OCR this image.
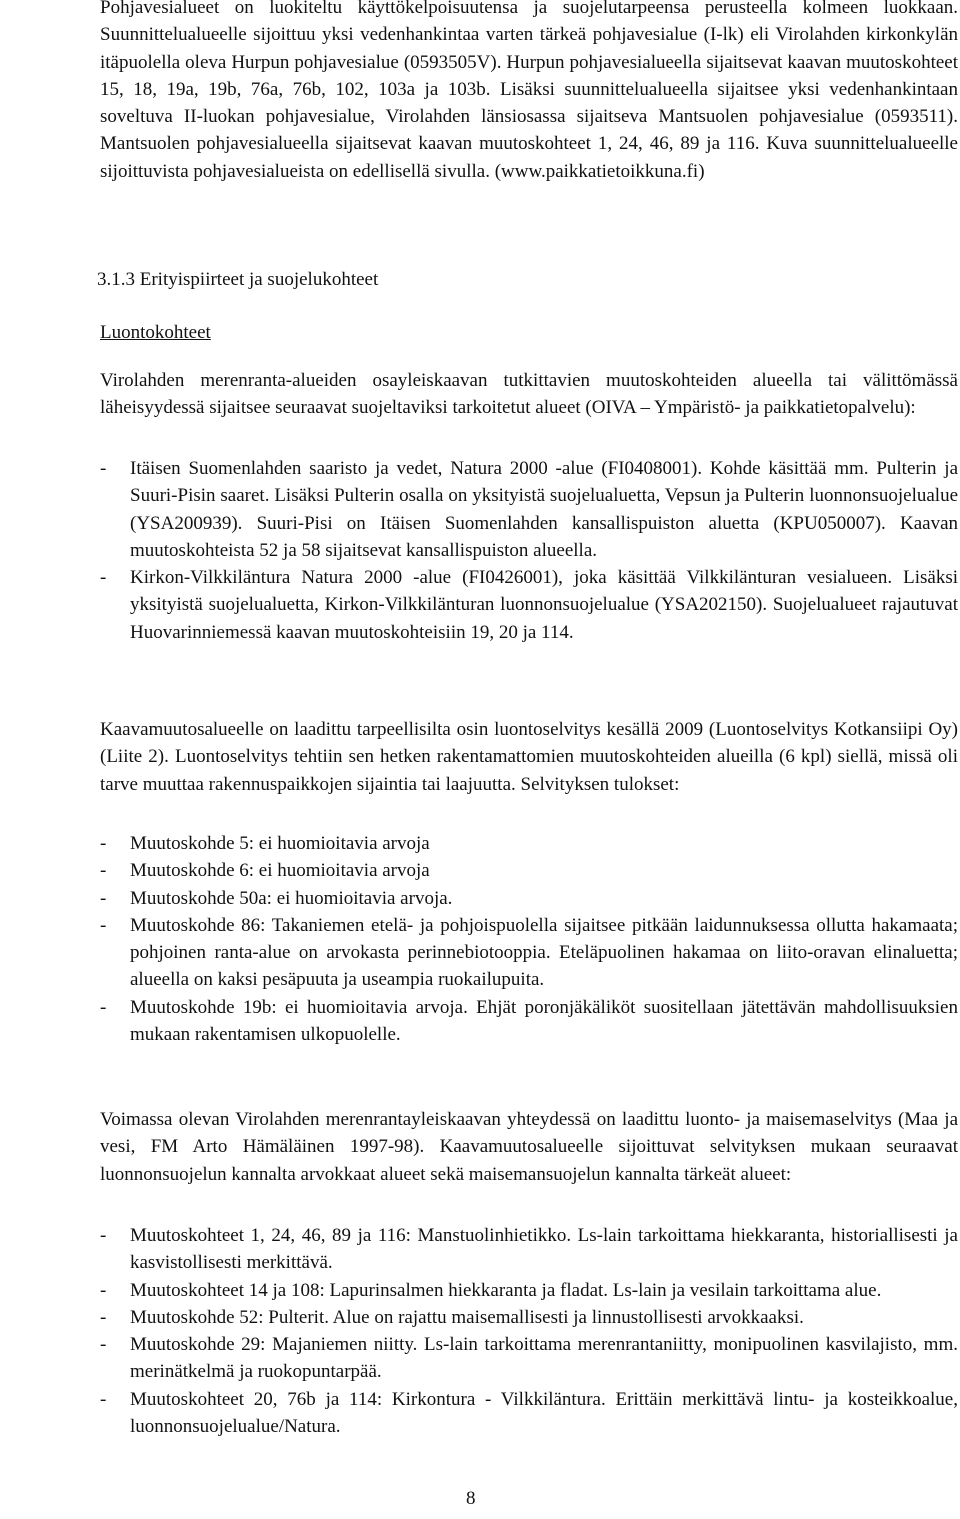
Pohjavesialueet on luokiteltu käyttökelpoisuutensa ja suojelutarpeensa perusteella kolmeen luokkaan. Suunnittelualueelle sijoittuu yksi vedenhankintaa varten tärkeä pohjavesialue (I-lk) eli Virolahden kirkonkylän itäpuolella oleva Hurpun pohjavesialue (0593505V). Hurpun pohjavesialueella sijaitsevat kaavan muutoskohteet 15, 18, 19a, 19b, 76a, 76b, 102, 103a ja 103b. Lisäksi suunnittelualueella sijaitsee yksi vedenhankintaan soveltuva II-luokan pohjavesialue, Virolahden länsiosassa sijaitseva Mantsuolen pohjavesialue (0593511). Mantsuolen pohjavesialueella sijaitsevat kaavan muutoskohteet 1, 24, 46, 89 ja 116. Kuva suunnittelualueelle sijoittuvista pohjavesialueista on edellisellä sivulla. (www.paikkatietoikkuna.fi)

3.1.3 Erityispiirteet ja suojelukohteet
Luontokohteet

Virolahden merenranta-alueiden osayleiskaavan tutkittavien muutoskohteiden alueella tai välittömässä läheisyydessä sijaitsee seuraavat suojeltaviksi tarkoitetut alueet (OIVA – Ympäristö- ja paikkatietopalvelu):

- Itäisen Suomenlahden saaristo ja vedet, Natura 2000 -alue (FI0408001). Kohde käsittää mm. Pulterin ja Suuri-Pisin saaret. Lisäksi Pulterin osalla on yksityistä suojelualuetta, Vepsun ja Pulterin luonnonsuojelualue (YSA200939). Suuri-Pisi on Itäisen Suomenlahden kansallispuiston aluetta (KPU050007). Kaavan muutoskohteista 52 ja 58 sijaitsevat kansallispuiston alueella.
- Kirkon-Vilkkiläntura Natura 2000 -alue (FI0426001), joka käsittää Vilkkilänturan vesialueen. Lisäksi yksityistä suojelualuetta, Kirkon-Vilkkilänturan luonnonsuojelualue (YSA202150). Suojelualueet rajautuvat Huovarinniemessä kaavan muutoskohteisiin 19, 20 ja 114.

Kaavamuutosalueelle on laadittu tarpeellisilta osin luontoselvitys kesällä 2009 (Luontoselvitys Kotkansiipi Oy) (Liite 2). Luontoselvitys tehtiin sen hetken rakentamattomien muutoskohteiden alueilla (6 kpl) siellä, missä oli tarve muuttaa rakennuspaikkojen sijaintia tai laajuutta. Selvityksen tulokset:

- Muutoskohde 5: ei huomioitavia arvoja
- Muutoskohde 6: ei huomioitavia arvoja
- Muutoskohde 50a: ei huomioitavia arvoja.
- Muutoskohde 86: Takaniemen etelä- ja pohjoispuolella sijaitsee pitkään laidunnuksessa ollutta hakamaata; pohjoinen ranta-alue on arvokasta perinnebiotooppia. Eteläpuolinen hakamaa on liito-oravan elinaluetta; alueella on kaksi pesäpuuta ja useampia ruokailupuita.
- Muutoskohde 19b: ei huomioitavia arvoja. Ehjät poronjäkäliköt suositellaan jätettävän mahdollisuuksien mukaan rakentamisen ulkopuolelle.

Voimassa olevan Virolahden merenrantayleiskaavan yhteydessä on laadittu luonto- ja maisemaselvitys (Maa ja vesi, FM Arto Hämäläinen 1997-98). Kaavamuutosalueelle sijoittuvat selvityksen mukaan seuraavat luonnonsuojelun kannalta arvokkaat alueet sekä maisemansuojelun kannalta tärkeät alueet:

- Muutoskohteet 1, 24, 46, 89 ja 116: Manstuolinhietikko. Ls-lain tarkoittama hiekkaranta, historiallisesti ja kasvistollisesti merkittävä.
- Muutoskohteet 14 ja 108: Lapurinsalmen hiekkaranta ja fladat. Ls-lain ja vesilain tarkoittama alue.
- Muutoskohde 52: Pulterit. Alue on rajattu maisemallisesti ja linnustollisesti arvokkaaksi.
- Muutoskohde 29: Majaniemen niitty. Ls-lain tarkoittama merenrantaniitty, monipuolinen kasvilajisto, mm. merinätkelmä ja ruokopuntarpää.
- Muutoskohteet 20, 76b ja 114: Kirkontura - Vilkkiläntura. Erittäin merkittävä lintu- ja kosteikkoalue, luonnonsuojelualue/Natura.
8
